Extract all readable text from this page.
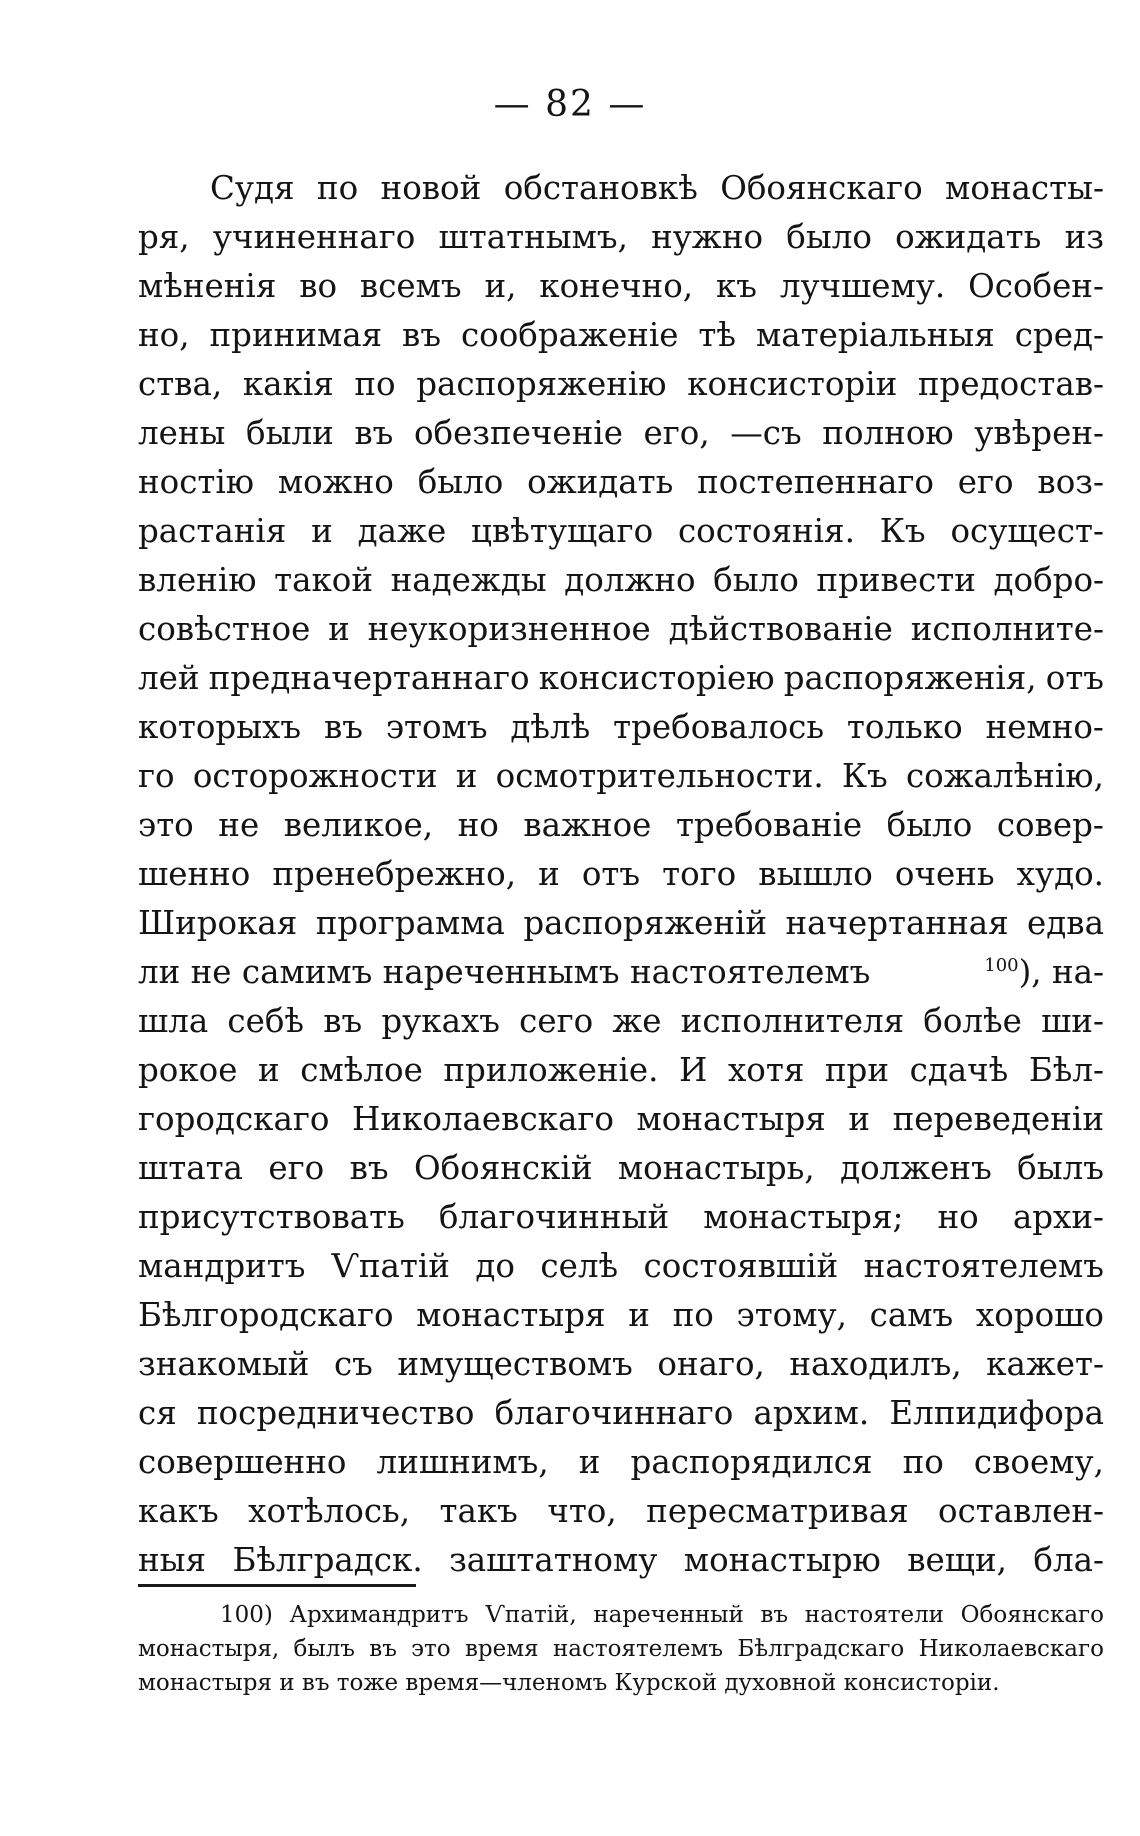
— 82 —
Судя по новой обстановкѣ Обоянскаго монасты-
ря, учиненнаго штатнымъ, нужно было ожидать из
мѣненія во всемъ и, конечно, къ лучшему. Особен-
но, принимая въ соображеніе тѣ матеріальныя сред-
ства, какія по распоряженію консисторіи предостав-
лены были въ обезпеченіе его, —съ полною увѣрен-
ностію можно было ожидать постепеннаго его воз-
растанія и даже цвѣтущаго состоянія. Къ осущест-
вленію такой надежды должно было привести добро-
совѣстное и неукоризненное дѣйствованіе исполните-
лей предначертаннаго консисторіею распоряженія, отъ
которыхъ въ этомъ дѣлѣ требовалось только немно-
го осторожности и осмотрительности. Къ сожалѣнію,
это не великое, но важное требованіе было совер-
шенно пренебрежно, и отъ того вышло очень худо.
Широкая программа распоряженій начертанная едва
ли не самимъ нареченнымъ настоятелемъ	$^{100}$), на-
шла себѣ въ рукахъ сего же исполнителя болѣе ши-
рокое и смѣлое приложеніе. И хотя при сдачѣ Бѣл-
городскаго Николаевскаго монастыря и переведеніи
штата его въ Обоянскій монастырь, долженъ былъ
присутствовать благочинный монастыря; но архи-
мандритъ Ѵпатій до селѣ состоявшій настоятелемъ
Бѣлгородскаго монастыря и по этому, самъ хорошо
знакомый съ имуществомъ онаго, находилъ, кажет-
ся посредничество благочиннаго архим. Елпидифора
совершенно лишнимъ, и распорядился по своему,
какъ хотѣлось, такъ что, пересматривая оставлен-
ныя Бѣлградск. заштатному монастырю вещи, бла-
100) Архимандритъ Ѵпатій, нареченный въ настоятели Обоянскаго
монастыря, былъ въ это время настоятелемъ Бѣлградскаго Николаевскаго
монастыря и въ тоже время—членомъ Курской духовной консисторіи.
